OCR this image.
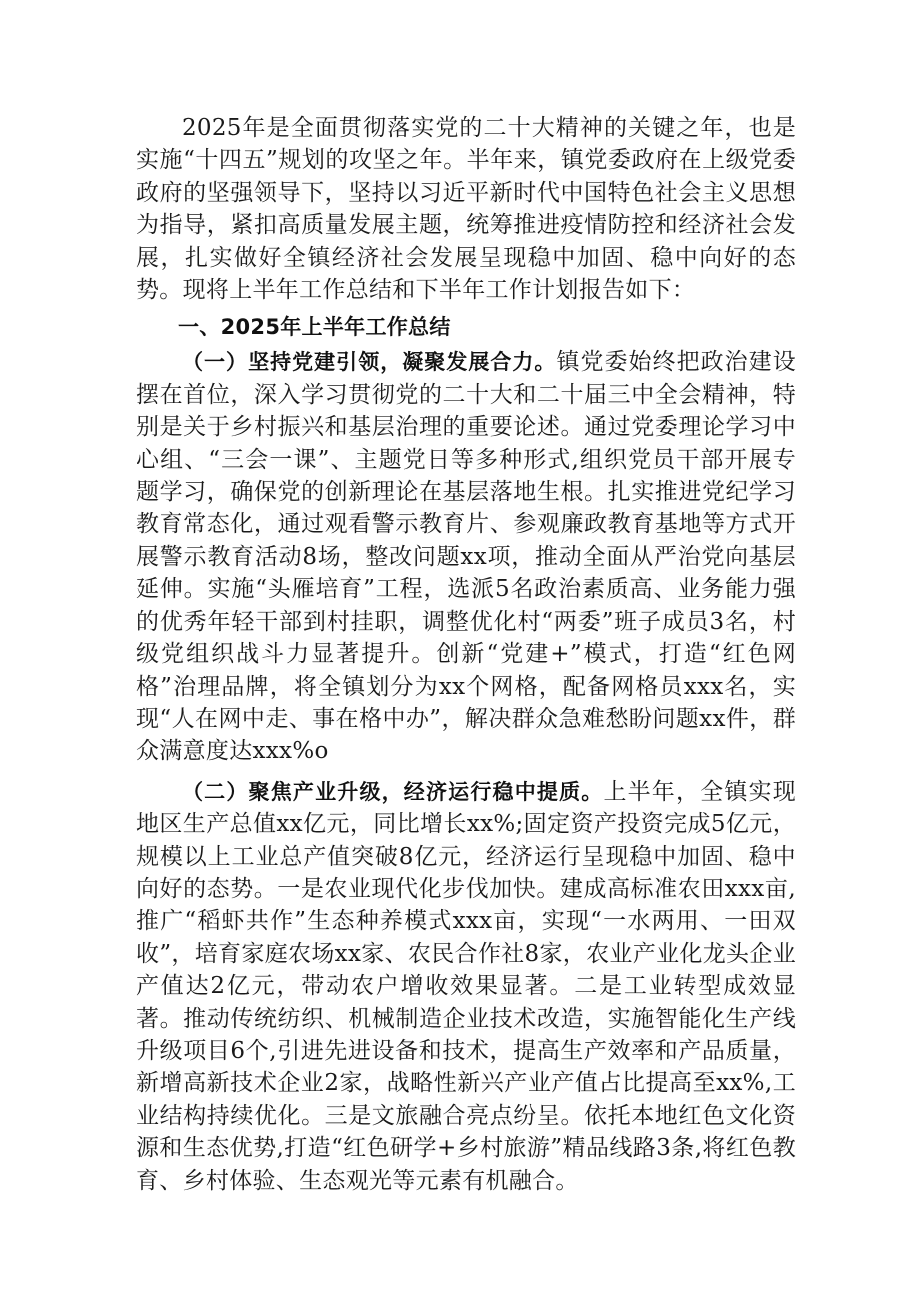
2025年是全面贯彻落实党的二十大精神的关键之年，也是实施“十四五”规划的攻坚之年。半年来，镇党委政府在上级党委政府的坚强领导下，坚持以习近平新时代中国特色社会主义思想为指导，紧扣高质量发展主题，统筹推进疫情防控和经济社会发展，扎实做好全镇经济社会发展呈现稳中加固、稳中向好的态势。现将上半年工作总结和下半年工作计划报告如下：

一、2025年上半年工作总结

（一）坚持党建引领，凝聚发展合力。镇党委始终把政治建设摆在首位，深入学习贯彻党的二十大和二十届三中全会精神，特别是关于乡村振兴和基层治理的重要论述。通过党委理论学习中心组、“三会一课”、主题党日等多种形式,组织党员干部开展专题学习，确保党的创新理论在基层落地生根。扎实推进党纪学习教育常态化，通过观看警示教育片、参观廉政教育基地等方式开展警示教育活动8场，整改问题xx项，推动全面从严治党向基层延伸。实施“头雁培育”工程，选派5名政治素质高、业务能力强的优秀年轻干部到村挂职，调整优化村“两委”班子成员3名，村级党组织战斗力显著提升。创新“党建+”模式，打造“红色网格”治理品牌，将全镇划分为xx个网格，配备网格员xxx名，实现“人在网中走、事在格中办”，解决群众急难愁盼问题xx件，群众满意度达xxx%o

（二）聚焦产业升级，经济运行稳中提质。上半年，全镇实现地区生产总值xx亿元，同比增长xx%;固定资产投资完成5亿元，规模以上工业总产值突破8亿元，经济运行呈现稳中加固、稳中向好的态势。一是农业现代化步伐加快。建成高标准农田xxx亩,推广“稻虾共作”生态种养模式xxx亩，实现“一水两用、一田双收”，培育家庭农场xx家、农民合作社8家，农业产业化龙头企业产值达2亿元，带动农户增收效果显著。二是工业转型成效显著。推动传统纺织、机械制造企业技术改造，实施智能化生产线升级项目6个,引进先进设备和技术，提高生产效率和产品质量，新增高新技术企业2家，战略性新兴产业产值占比提高至xx%,工业结构持续优化。三是文旅融合亮点纷呈。依托本地红色文化资源和生态优势,打造“红色研学+乡村旅游”精品线路3条,将红色教育、乡村体验、生态观光等元素有机融合。
